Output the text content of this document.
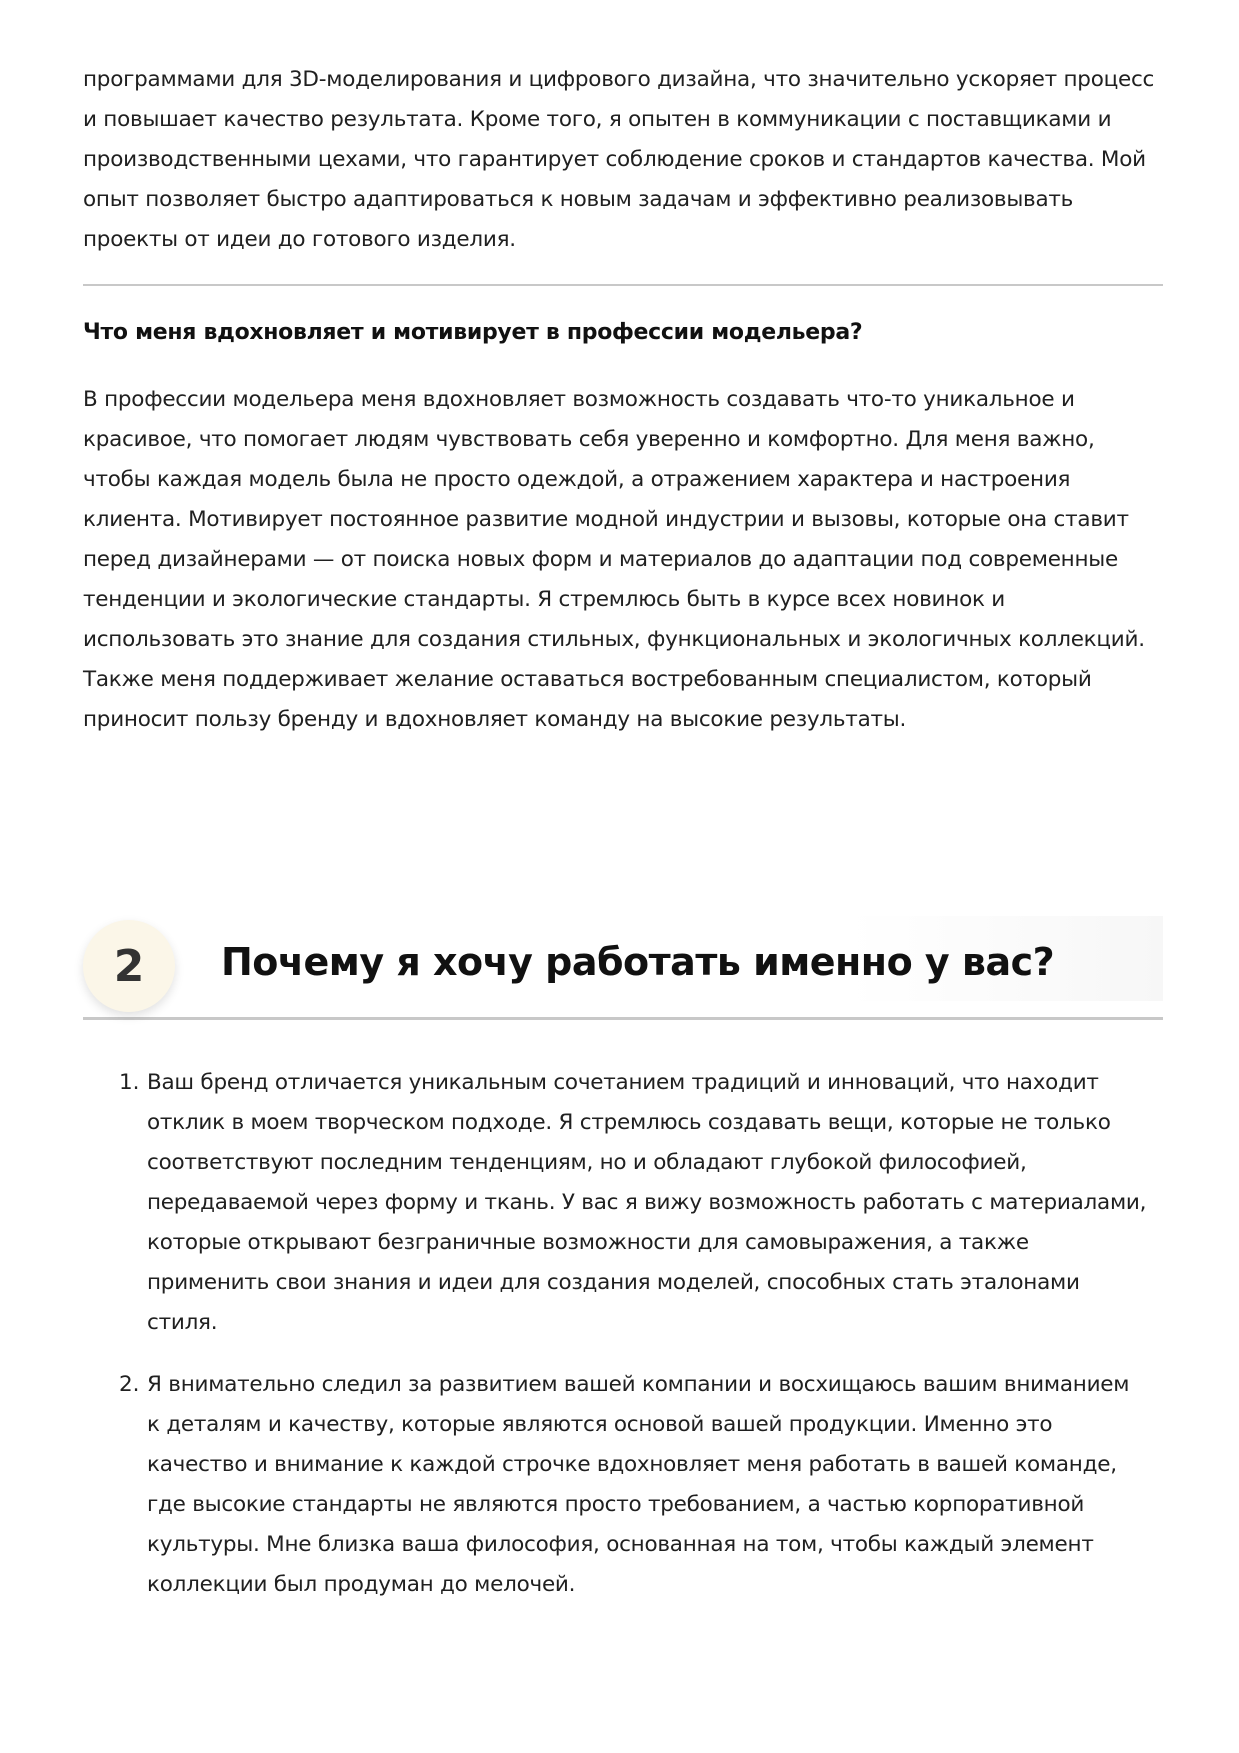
программами для 3D-моделирования и цифрового дизайна, что значительно ускоряет процесс и повышает качество результата. Кроме того, я опытен в коммуникации с поставщиками и производственными цехами, что гарантирует соблюдение сроков и стандартов качества. Мой опыт позволяет быстро адаптироваться к новым задачам и эффективно реализовывать проекты от идеи до готового изделия.

Что меня вдохновляет и мотивирует в профессии модельера?

В профессии модельера меня вдохновляет возможность создавать что-то уникальное и красивое, что помогает людям чувствовать себя уверенно и комфортно. Для меня важно, чтобы каждая модель была не просто одеждой, а отражением характера и настроения клиента. Мотивирует постоянное развитие модной индустрии и вызовы, которые она ставит перед дизайнерами — от поиска новых форм и материалов до адаптации под современные тенденции и экологические стандарты. Я стремлюсь быть в курсе всех новинок и использовать это знание для создания стильных, функциональных и экологичных коллекций. Также меня поддерживает желание оставаться востребованным специалистом, который приносит пользу бренду и вдохновляет команду на высокие результаты.

2	Почему я хочу работать именно у вас?
1. Ваш бренд отличается уникальным сочетанием традиций и инноваций, что находит отклик в моем творческом подходе. Я стремлюсь создавать вещи, которые не только соответствуют последним тенденциям, но и обладают глубокой философией, передаваемой через форму и ткань. У вас я вижу возможность работать с материалами, которые открывают безграничные возможности для самовыражения, а также применить свои знания и идеи для создания моделей, способных стать эталонами стиля.

2. Я внимательно следил за развитием вашей компании и восхищаюсь вашим вниманием к деталям и качеству, которые являются основой вашей продукции. Именно это качество и внимание к каждой строчке вдохновляет меня работать в вашей команде, где высокие стандарты не являются просто требованием, а частью корпоративной культуры. Мне близка ваша философия, основанная на том, чтобы каждый элемент коллекции был продуман до мелочей.
